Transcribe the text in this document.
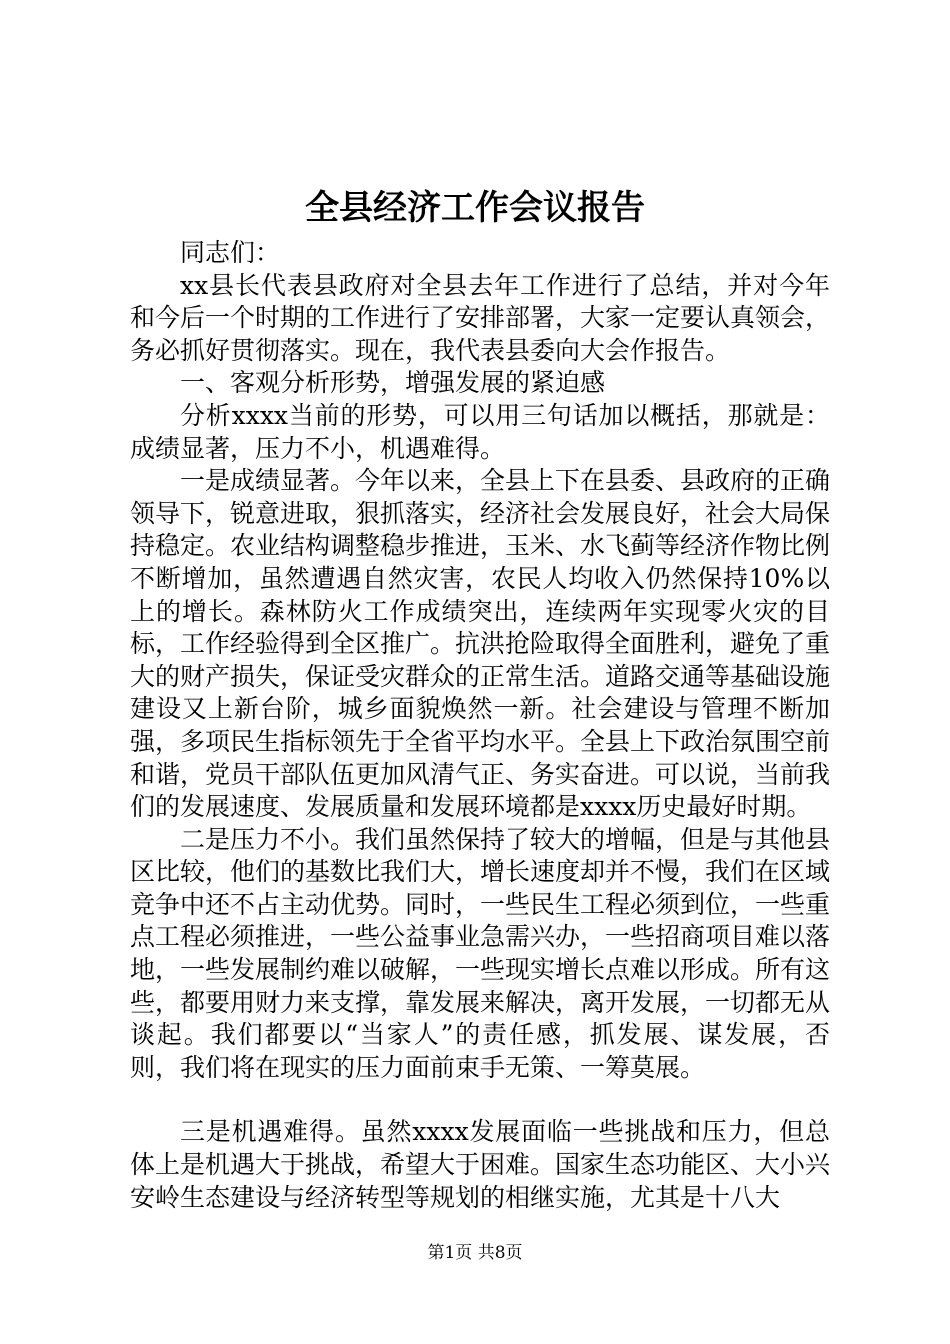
全县经济工作会议报告

同志们：

xx县长代表县政府对全县去年工作进行了总结，并对今年和今后一个时期的工作进行了安排部署，大家一定要认真领会，务必抓好贯彻落实。现在，我代表县委向大会作报告。

一、客观分析形势，增强发展的紧迫感

分析xxxx当前的形势，可以用三句话加以概括，那就是：成绩显著，压力不小，机遇难得。

一是成绩显著。今年以来，全县上下在县委、县政府的正确领导下，锐意进取，狠抓落实，经济社会发展良好，社会大局保持稳定。农业结构调整稳步推进，玉米、水飞蓟等经济作物比例不断增加，虽然遭遇自然灾害，农民人均收入仍然保持10%以上的增长。森林防火工作成绩突出，连续两年实现零火灾的目标，工作经验得到全区推广。抗洪抢险取得全面胜利，避免了重大的财产损失，保证受灾群众的正常生活。道路交通等基础设施建设又上新台阶，城乡面貌焕然一新。社会建设与管理不断加强，多项民生指标领先于全省平均水平。全县上下政治氛围空前和谐，党员干部队伍更加风清气正、务实奋进。可以说，当前我们的发展速度、发展质量和发展环境都是xxxx历史最好时期。

二是压力不小。我们虽然保持了较大的增幅，但是与其他县区比较，他们的基数比我们大，增长速度却并不慢，我们在区域竞争中还不占主动优势。同时，一些民生工程必须到位，一些重点工程必须推进，一些公益事业急需兴办，一些招商项目难以落地，一些发展制约难以破解，一些现实增长点难以形成。所有这些，都要用财力来支撑，靠发展来解决，离开发展，一切都无从谈起。我们都要以“当家人”的责任感，抓发展、谋发展，否则，我们将在现实的压力面前束手无策、一筹莫展。

三是机遇难得。虽然xxxx发展面临一些挑战和压力，但总体上是机遇大于挑战，希望大于困难。国家生态功能区、大小兴安岭生态建设与经济转型等规划的相继实施，尤其是十八大

第1页 共8页
